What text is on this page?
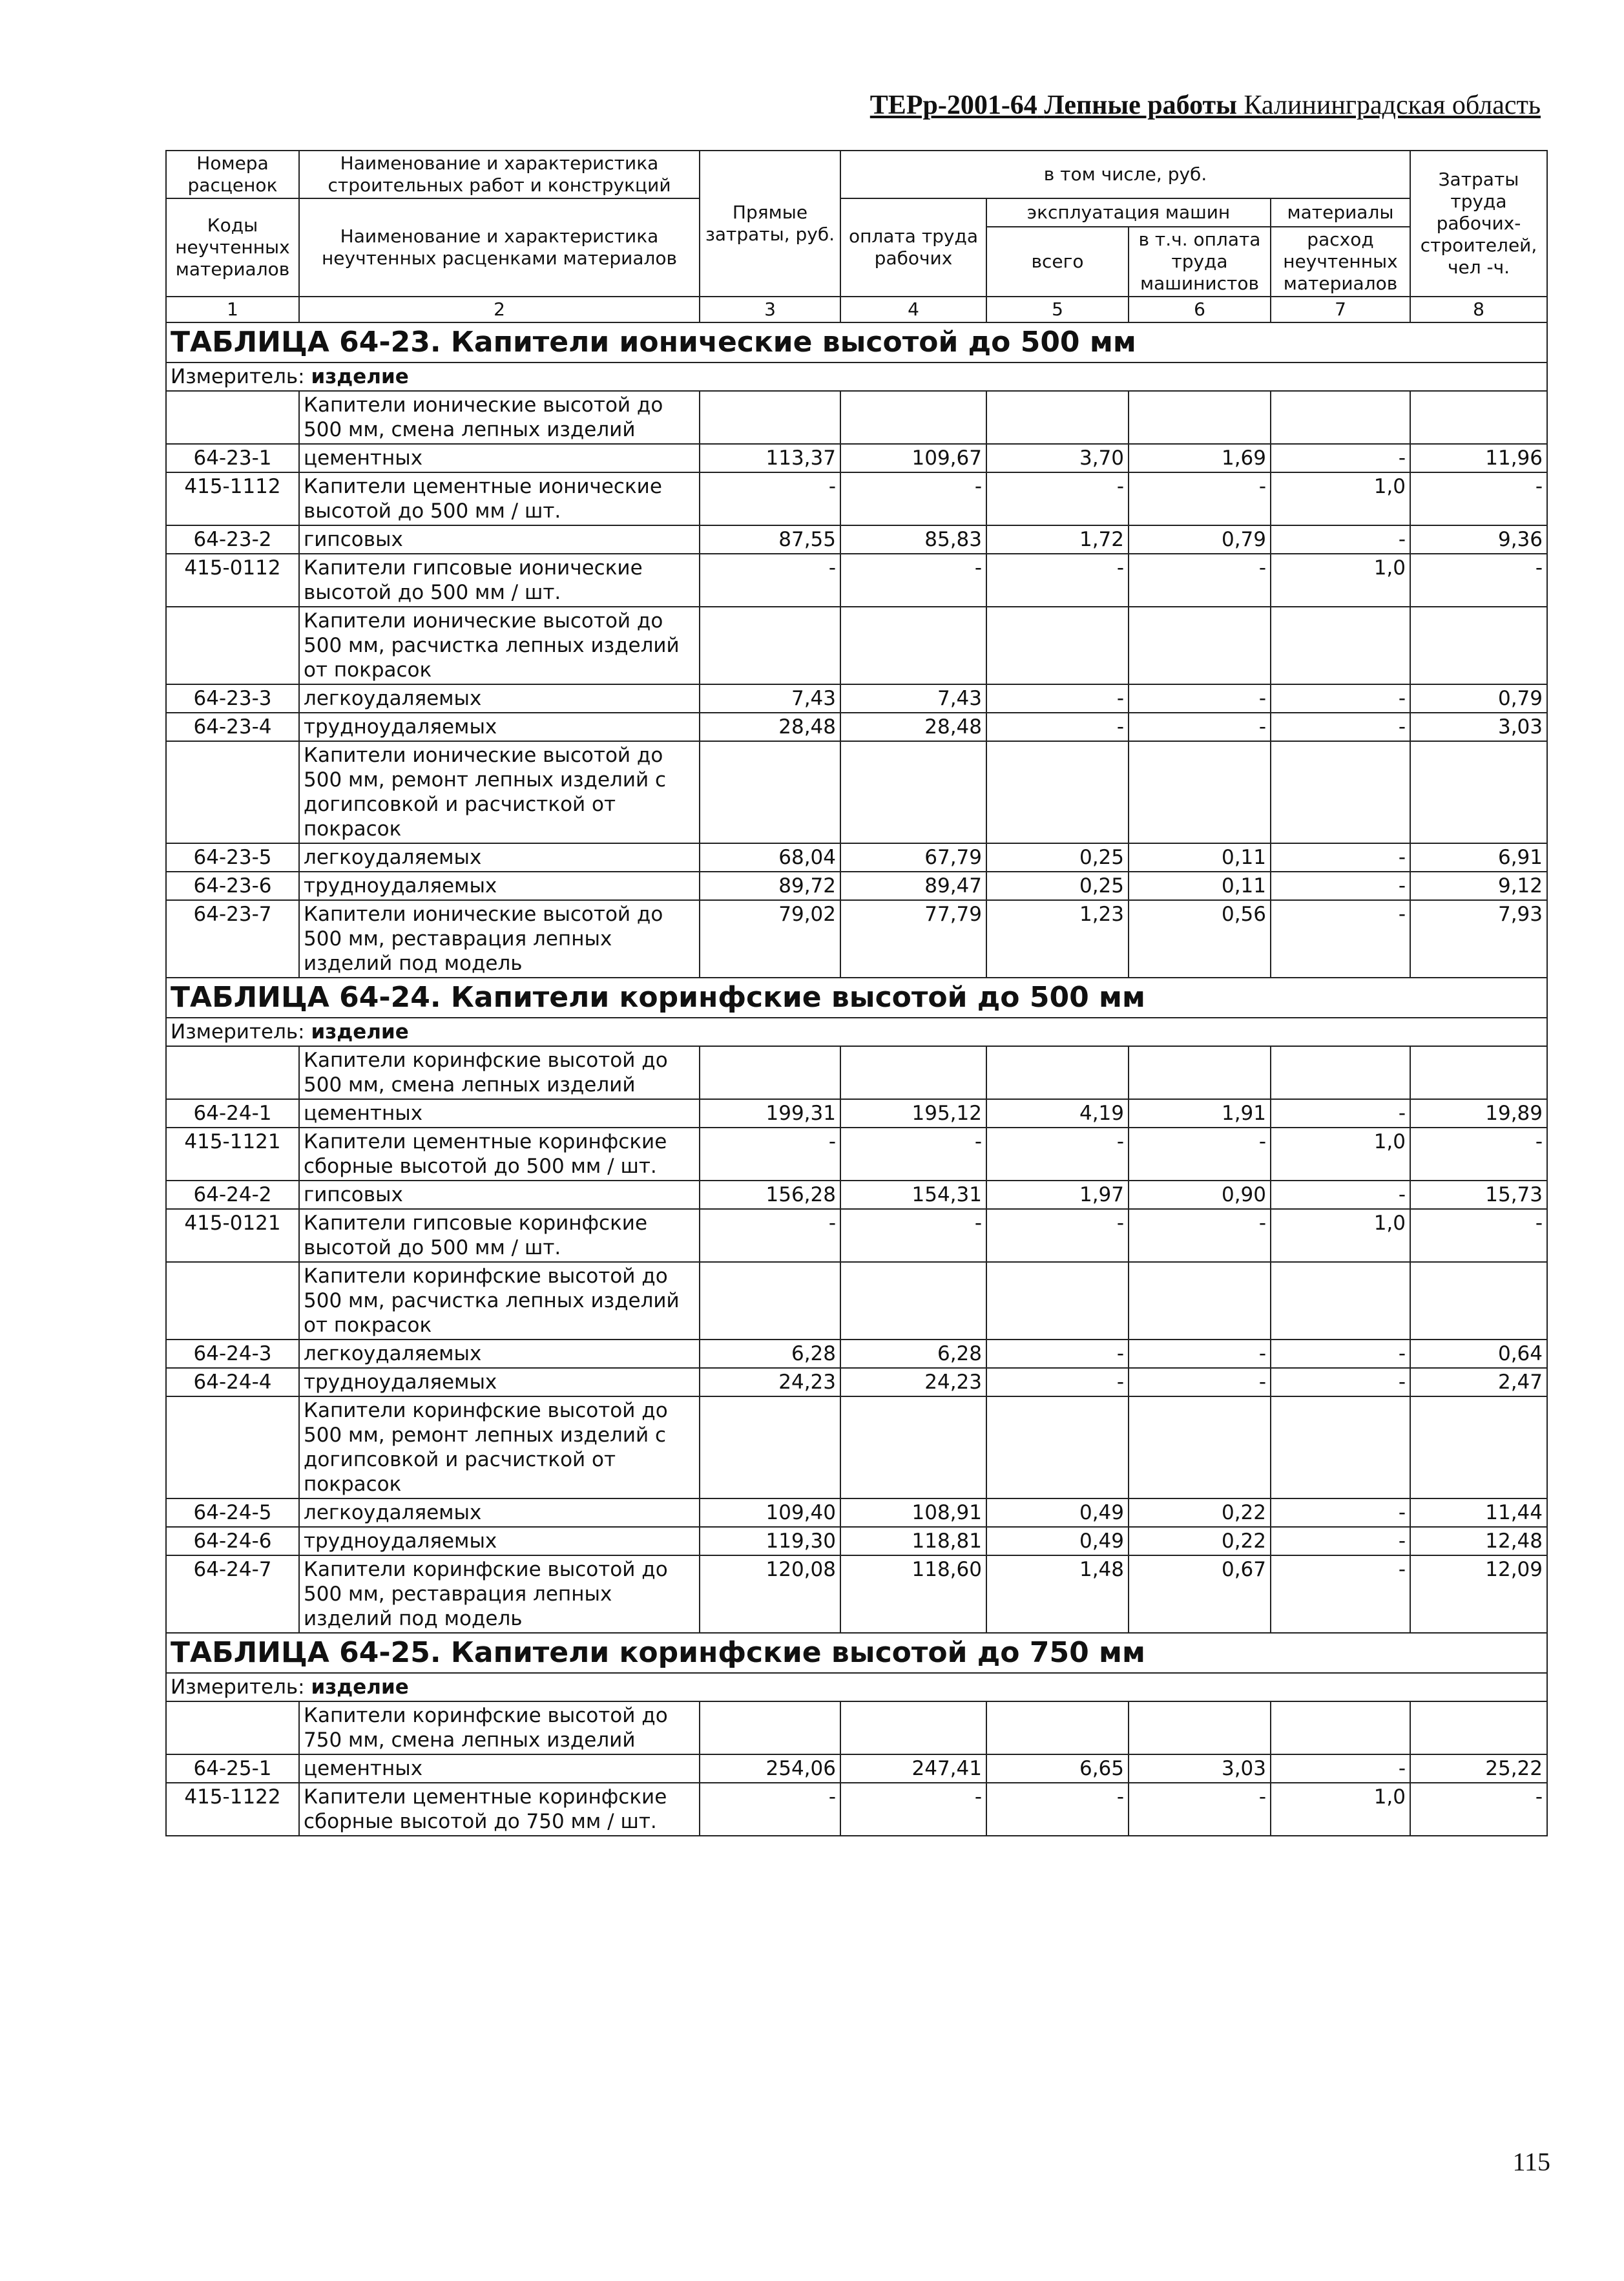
ТЕРр-2001-64 Лепные работы Калининградская область
Номера расценок	Наименование и характеристика строительных работ и конструкций	Прямые затраты, руб.	в том числе, руб.				Затраты труда рабочих-строителей, чел -ч.
Коды неучтенных материалов	Наименование и характеристика неучтенных расценками материалов		оплата труда рабочих	эксплуатация машин		материалы	
				всего	в т.ч. оплата труда машинистов	расход неучтенных материалов	
1	2	3	4	5	6	7	8
ТАБЛИЦА 64-23. Капители ионические высотой до 500 мм							
Измеритель: изделие							
	Капители ионические высотой до 500 мм, смена лепных изделий						
64-23-1	цементных	113,37	109,67	3,70	1,69	-	11,96
415-1112	Капители цементные ионические высотой до 500 мм / шт.	-	-	-	-	1,0	-
64-23-2	гипсовых	87,55	85,83	1,72	0,79	-	9,36
415-0112	Капители гипсовые ионические высотой до 500 мм / шт.	-	-	-	-	1,0	-
	Капители ионические высотой до 500 мм, расчистка лепных изделий от покрасок						
64-23-3	легкоудаляемых	7,43	7,43	-	-	-	0,79
64-23-4	трудноудаляемых	28,48	28,48	-	-	-	3,03
	Капители ионические высотой до 500 мм, ремонт лепных изделий с догипсовкой и расчисткой от покрасок						
64-23-5	легкоудаляемых	68,04	67,79	0,25	0,11	-	6,91
64-23-6	трудноудаляемых	89,72	89,47	0,25	0,11	-	9,12
64-23-7	Капители ионические высотой до 500 мм, реставрация лепных изделий под модель	79,02	77,79	1,23	0,56	-	7,93
ТАБЛИЦА 64-24. Капители коринфские высотой до 500 мм							
Измеритель: изделие							
	Капители коринфские высотой до 500 мм, смена лепных изделий						
64-24-1	цементных	199,31	195,12	4,19	1,91	-	19,89
415-1121	Капители цементные коринфские сборные высотой до 500 мм / шт.	-	-	-	-	1,0	-
64-24-2	гипсовых	156,28	154,31	1,97	0,90	-	15,73
415-0121	Капители гипсовые коринфские высотой до 500 мм / шт.	-	-	-	-	1,0	-
	Капители коринфские высотой до 500 мм, расчистка лепных изделий от покрасок						
64-24-3	легкоудаляемых	6,28	6,28	-	-	-	0,64
64-24-4	трудноудаляемых	24,23	24,23	-	-	-	2,47
	Капители коринфские высотой до 500 мм, ремонт лепных изделий с догипсовкой и расчисткой от покрасок						
64-24-5	легкоудаляемых	109,40	108,91	0,49	0,22	-	11,44
64-24-6	трудноудаляемых	119,30	118,81	0,49	0,22	-	12,48
64-24-7	Капители коринфские высотой до 500 мм, реставрация лепных изделий под модель	120,08	118,60	1,48	0,67	-	12,09
ТАБЛИЦА 64-25. Капители коринфские высотой до 750 мм							
Измеритель: изделие							
	Капители коринфские высотой до 750 мм, смена лепных изделий						
64-25-1	цементных	254,06	247,41	6,65	3,03	-	25,22
415-1122	Капители цементные коринфские сборные высотой до 750 мм / шт.	-	-	-	-	1,0	-
115
